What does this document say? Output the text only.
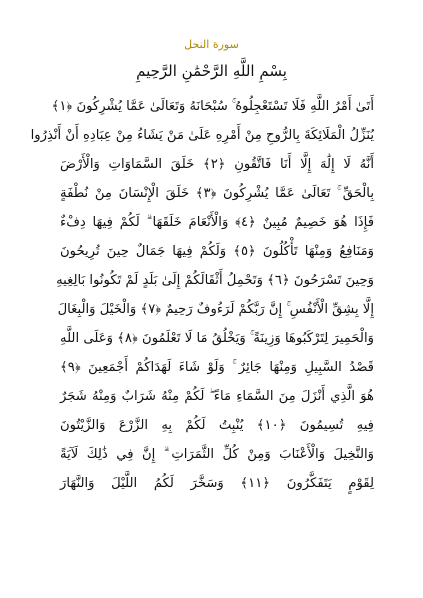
سورة النحل
بِسْمِ اللَّهِ الرَّحْمَٰنِ الرَّحِيمِ
أَتَىٰ أَمْرُ اللَّهِ فَلَا تَسْتَعْجِلُوهُ ۚ سُبْحَانَهُ وَتَعَالَىٰ عَمَّا يُشْرِكُونَ ﴿١﴾
يُنَزِّلُ الْمَلَائِكَةَ بِالرُّوحِ مِنْ أَمْرِهِ عَلَىٰ مَنْ يَشَاءُ مِنْ عِبَادِهِ أَنْ أَنْذِرُوا
أَنَّهُ لَا إِلَٰهَ إِلَّا أَنَا فَاتَّقُونِ ﴿٢﴾ خَلَقَ السَّمَاوَاتِ وَالْأَرْضَ
بِالْحَقِّ ۚ تَعَالَىٰ عَمَّا يُشْرِكُونَ ﴿٣﴾ خَلَقَ الْإِنْسَانَ مِنْ نُطْفَةٍ
فَإِذَا هُوَ خَصِيمٌ مُبِينٌ ﴿٤﴾ وَالْأَنْعَامَ خَلَقَهَا ۗ لَكُمْ فِيهَا دِفْءٌ
وَمَنَافِعُ وَمِنْهَا تَأْكُلُونَ ﴿٥﴾ وَلَكُمْ فِيهَا جَمَالٌ حِينَ تُرِيحُونَ
وَحِينَ تَسْرَحُونَ ﴿٦﴾ وَتَحْمِلُ أَثْقَالَكُمْ إِلَىٰ بَلَدٍ لَمْ تَكُونُوا بَالِغِيهِ
إِلَّا بِشِقِّ الْأَنْفُسِ ۚ إِنَّ رَبَّكُمْ لَرَءُوفٌ رَحِيمٌ ﴿٧﴾ وَالْخَيْلَ وَالْبِغَالَ
وَالْحَمِيرَ لِتَرْكَبُوهَا وَزِينَةً ۚ وَيَخْلُقُ مَا لَا تَعْلَمُونَ ﴿٨﴾ وَعَلَى اللَّهِ
قَصْدُ السَّبِيلِ وَمِنْهَا جَائِرٌ ۚ وَلَوْ شَاءَ لَهَدَاكُمْ أَجْمَعِينَ ﴿٩﴾
هُوَ الَّذِي أَنْزَلَ مِنَ السَّمَاءِ مَاءً ۖ لَكُمْ مِنْهُ شَرَابٌ وَمِنْهُ شَجَرٌ
فِيهِ تُسِيمُونَ ﴿١٠﴾ يُنْبِتُ لَكُمْ بِهِ الزَّرْعَ وَالزَّيْتُونَ
وَالنَّخِيلَ وَالْأَعْنَابَ وَمِنْ كُلِّ الثَّمَرَاتِ ۗ إِنَّ فِي ذَٰلِكَ لَآيَةً
لِقَوْمٍ يَتَفَكَّرُونَ ﴿١١﴾ وَسَخَّرَ لَكُمُ اللَّيْلَ وَالنَّهَارَ
